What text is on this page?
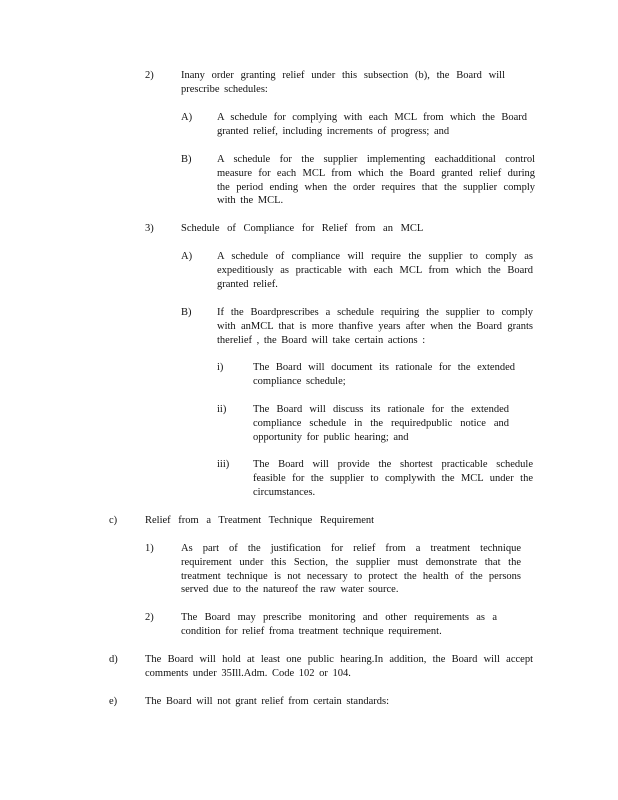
2)	Inany order granting relief under this subsection (b), the Board will prescribe schedules:
A) A schedule for complying with each MCL from which the Board granted relief, including increments of progress; and
B) A schedule for the supplier implementing eachadditional control measure for each MCL from which the Board granted relief during the period ending when the order requires that the supplier comply with the MCL.
3)	Schedule of Compliance for Relief from an MCL
A) A schedule of compliance will require the supplier to comply as expeditiously as practicable with each MCL from which the Board granted relief.
B) If the Boardprescribes a schedule requiring the supplier to comply with anMCL that is more thanfive years after when the Board grants therelief , the Board will take certain actions :
i)	The Board will document its rationale for the extended compliance schedule;
ii)	The Board will discuss its rationale for the extended compliance schedule in the requiredpublic notice and opportunity for public hearing; and
iii) The Board will provide the shortest practicable schedule feasible for the supplier to complywith the MCL under the circumstances.
c)	Relief from a Treatment Technique Requirement
1)	As part of the justification for relief from a treatment technique requirement under this Section, the supplier must demonstrate that the treatment technique is not necessary to protect the health of the persons served due to the natureof the raw water source.
2)	The Board may prescribe monitoring and other requirements as a condition for relief froma treatment technique requirement.
d)	The Board will hold at least one public hearing.In addition, the Board will accept comments under 35Ill.Adm. Code 102 or 104.
e)	The Board will not grant relief from certain standards:
